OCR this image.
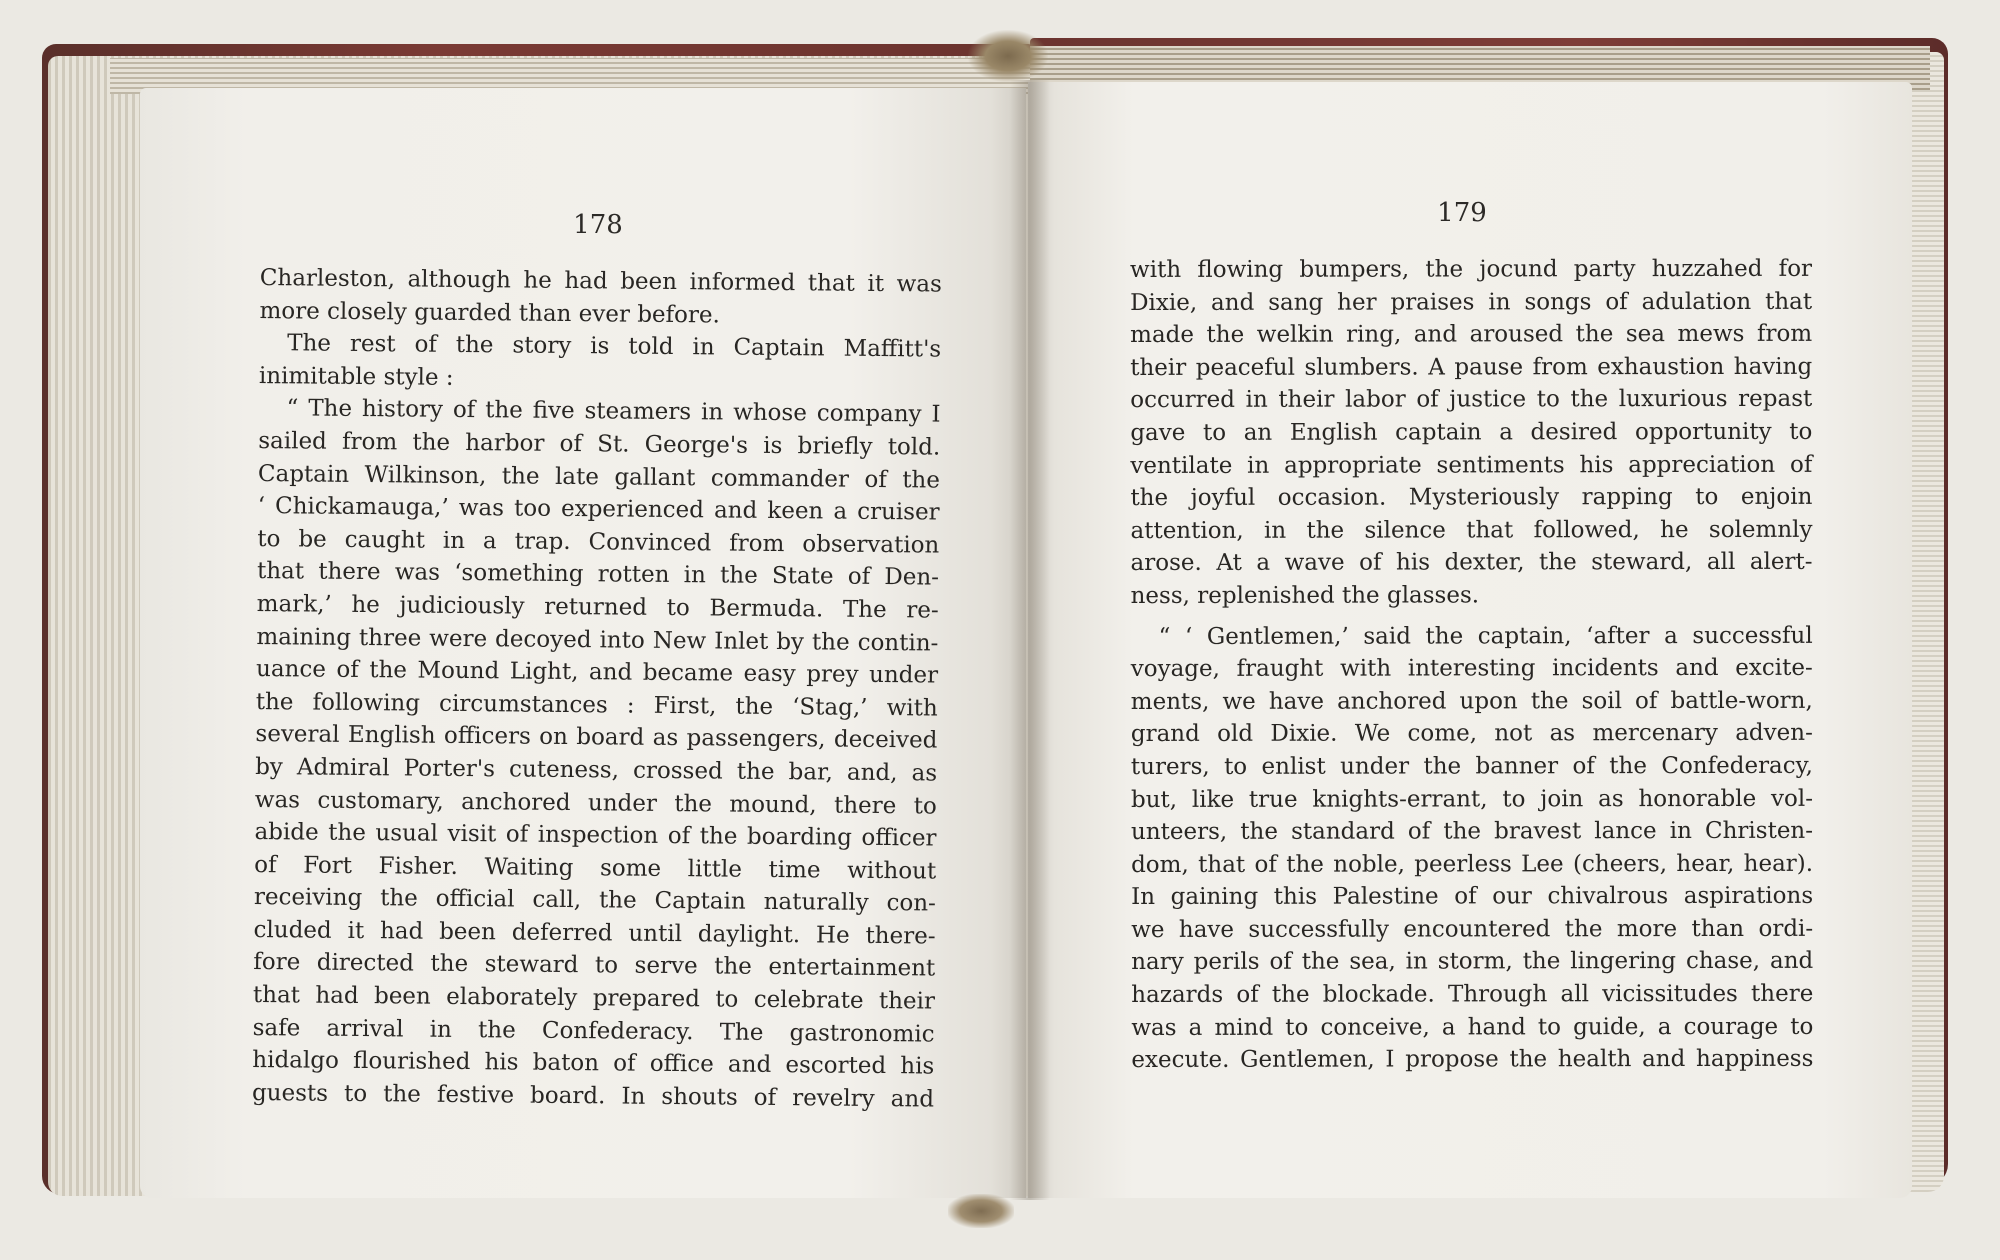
178	179
Charleston, although he had been informed that it was
more closely guarded than ever before.
The rest of the story is told in Captain Maffitt's
inimitable style :
“ The history of the five steamers in whose company I
sailed from the harbor of St. George's is briefly told.
Captain Wilkinson, the late gallant commander of the
‘ Chickamauga,’ was too experienced and keen a cruiser
to be caught in a trap. Convinced from observation
that there was ‘something rotten in the State of Den-
mark,’ he judiciously returned to Bermuda. The re-
maining three were decoyed into New Inlet by the contin-
uance of the Mound Light, and became easy prey under
the following circumstances : First, the ‘Stag,’ with
several English officers on board as passengers, deceived
by Admiral Porter's cuteness, crossed the bar, and, as
was customary, anchored under the mound, there to
abide the usual visit of inspection of the boarding officer
of Fort Fisher. Waiting some little time without
receiving the official call, the Captain naturally con-
cluded it had been deferred until daylight. He there-
fore directed the steward to serve the entertainment
that had been elaborately prepared to celebrate their
safe arrival in the Confederacy. The gastronomic
hidalgo flourished his baton of office and escorted his
guests to the festive board. In shouts of revelry and
with flowing bumpers, the jocund party huzzahed for
Dixie, and sang her praises in songs of adulation that
made the welkin ring, and aroused the sea mews from
their peaceful slumbers. A pause from exhaustion having
occurred in their labor of justice to the luxurious repast
gave to an English captain a desired opportunity to
ventilate in appropriate sentiments his appreciation of
the joyful occasion. Mysteriously rapping to enjoin
attention, in the silence that followed, he solemnly
arose. At a wave of his dexter, the steward, all alert-
ness, replenished the glasses.
“ ‘ Gentlemen,’ said the captain, ‘after a successful
voyage, fraught with interesting incidents and excite-
ments, we have anchored upon the soil of battle-worn,
grand old Dixie. We come, not as mercenary adven-
turers, to enlist under the banner of the Confederacy,
but, like true knights-errant, to join as honorable vol-
unteers, the standard of the bravest lance in Christen-
dom, that of the noble, peerless Lee (cheers, hear, hear).
In gaining this Palestine of our chivalrous aspirations
we have successfully encountered the more than ordi-
nary perils of the sea, in storm, the lingering chase, and
hazards of the blockade. Through all vicissitudes there
was a mind to conceive, a hand to guide, a courage to
execute. Gentlemen, I propose the health and happiness
